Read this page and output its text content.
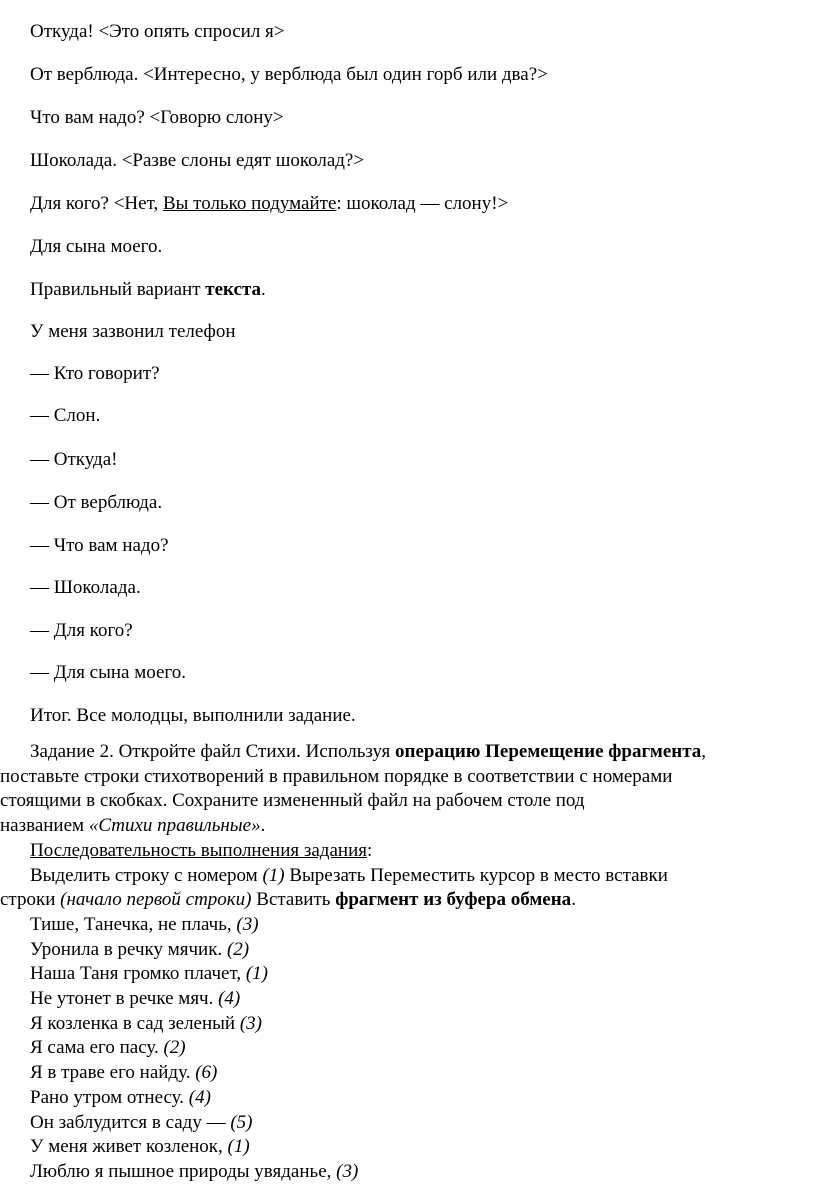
Откуда! <Это опять спросил я>
От верблюда. <Интересно, у верблюда был один горб или два?>
Что вам надо? <Говорю слону>
Шоколада. <Разве слоны едят шоколад?>
Для кого? <Нет, Вы только подумайте: шоколад — слону!>
Для сына моего.
Правильный вариант текста.
У меня зазвонил телефон
— Кто говорит?
— Слон.
— Откуда!
— От верблюда.
— Что вам надо?
— Шоколада.
— Для кого?
— Для сына моего.
Итог. Все молодцы, выполнили задание.
Задание 2. Откройте файл Стихи. Используя операцию Перемещение фрагмента,
поставьте строки стихотворений в правильном порядке в соответствии с номерами
стоящими в скобках. Сохраните измененный файл на рабочем столе под
названием «Стихи правильные».
Последовательность выполнения задания:
Выделить строку с номером (1) Вырезать Переместить курсор в место вставки
строки (начало первой строки) Вставить фрагмент из буфера обмена.
Тише, Танечка, не плачь, (3)
Уронила в речку мячик. (2)
Наша Таня громко плачет, (1)
Не утонет в речке мяч. (4)
Я козленка в сад зеленый (3)
Я сама его пасу. (2)
Я в траве его найду. (6)
Рано утром отнесу. (4)
Он заблудится в саду — (5)
У меня живет козленок, (1)
Люблю я пышное природы увяданье, (3)
